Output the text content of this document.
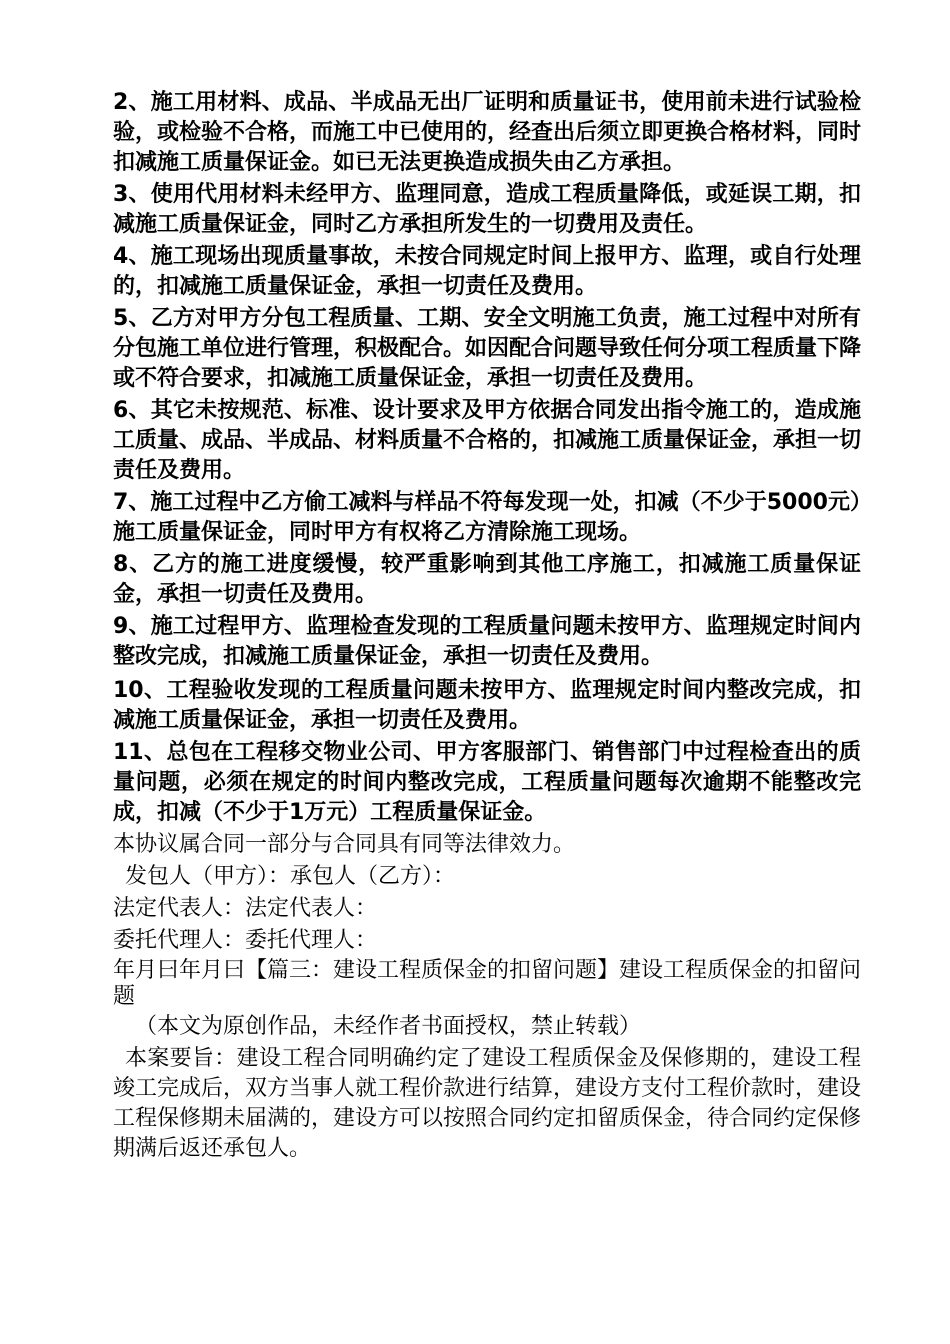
2、施工用材料、成品、半成品无出厂证明和质量证书，使用前未进行试验检验，或检验不合格，而施工中已使用的，经查出后须立即更换合格材料，同时扣减施工质量保证金。如已无法更换造成损失由乙方承担。

3、使用代用材料未经甲方、监理同意，造成工程质量降低，或延误工期，扣减施工质量保证金，同时乙方承担所发生的一切费用及责任。

4、施工现场出现质量事故，未按合同规定时间上报甲方、监理，或自行处理的，扣减施工质量保证金，承担一切责任及费用。

5、乙方对甲方分包工程质量、工期、安全文明施工负责，施工过程中对所有分包施工单位进行管理，积极配合。如因配合问题导致任何分项工程质量下降或不符合要求，扣减施工质量保证金，承担一切责任及费用。

6、其它未按规范、标准、设计要求及甲方依据合同发出指令施工的，造成施工质量、成品、半成品、材料质量不合格的，扣减施工质量保证金，承担一切责任及费用。

7、施工过程中乙方偷工减料与样品不符每发现一处，扣减（不少于5000元）施工质量保证金，同时甲方有权将乙方清除施工现场。

8、乙方的施工进度缓慢，较严重影响到其他工序施工，扣减施工质量保证金，承担一切责任及费用。

9、施工过程甲方、监理检查发现的工程质量问题未按甲方、监理规定时间内整改完成，扣减施工质量保证金，承担一切责任及费用。

10、工程验收发现的工程质量问题未按甲方、监理规定时间内整改完成，扣减施工质量保证金，承担一切责任及费用。

11、总包在工程移交物业公司、甲方客服部门、销售部门中过程检查出的质量问题，必须在规定的时间内整改完成，工程质量问题每次逾期不能整改完成，扣减（不少于1万元）工程质量保证金。

本协议属合同一部分与合同具有同等法律效力。

发包人（甲方）：承包人（乙方）：

法定代表人：法定代表人：

委托代理人：委托代理人：

年月曰年月曰【篇三：建设工程质保金的扣留问题】建设工程质保金的扣留问题

（本文为原创作品，未经作者书面授权，禁止转载）

本案要旨：建设工程合同明确约定了建设工程质保金及保修期的，建设工程竣工完成后，双方当事人就工程价款进行结算，建设方支付工程价款时，建设工程保修期未届满的，建设方可以按照合同约定扣留质保金，待合同约定保修期满后返还承包人。
